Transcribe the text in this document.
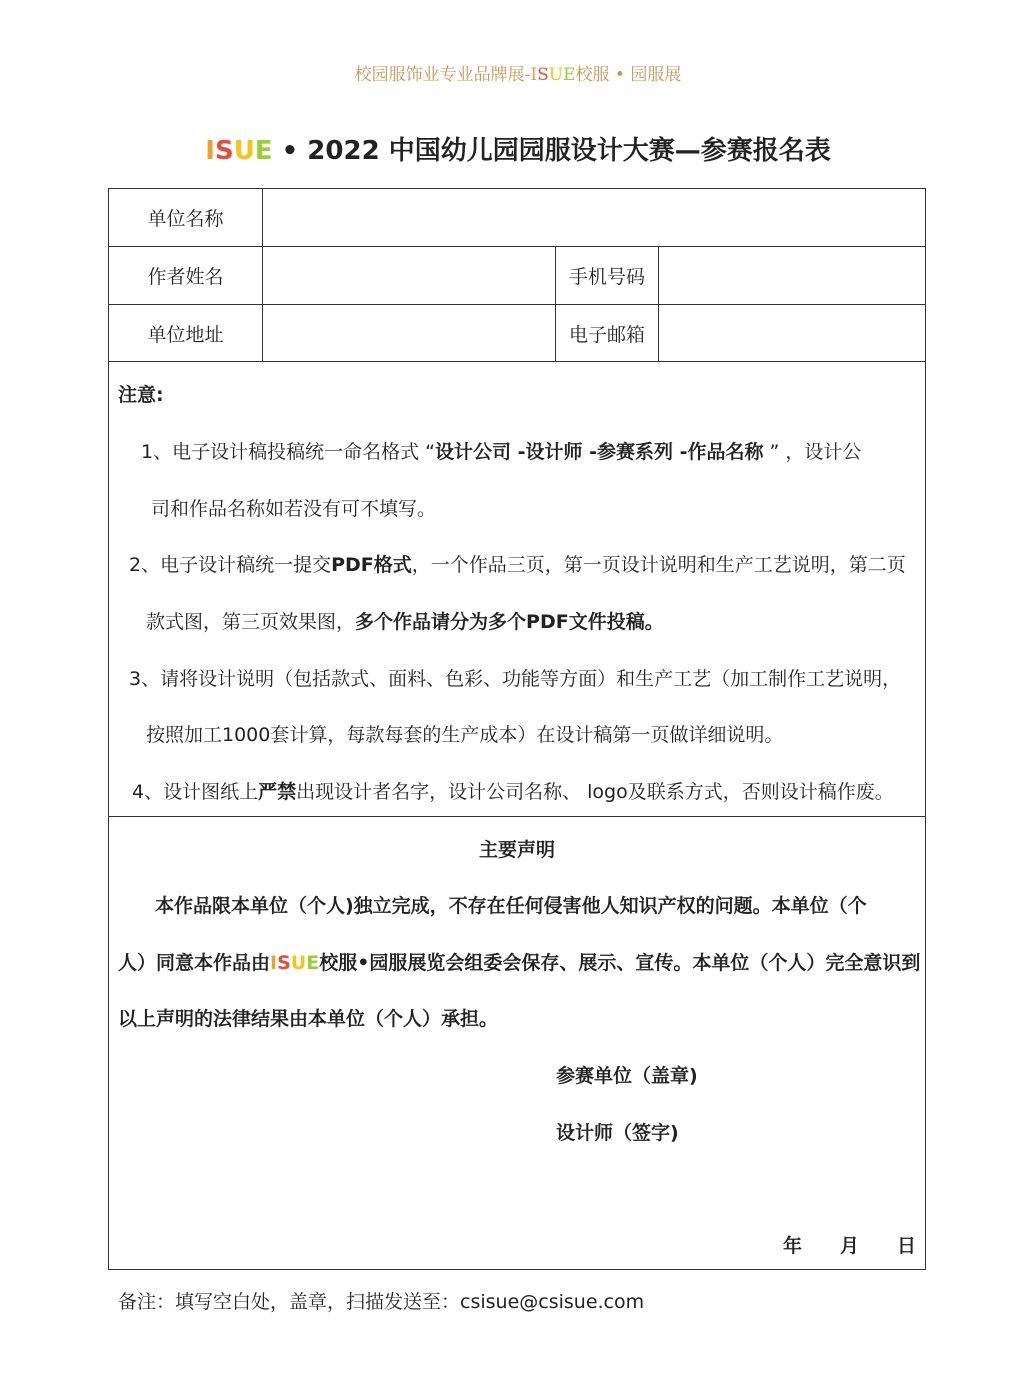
校园服饰业专业品牌展-ISUE校服 • 园服展
ISUE • 2022 中国幼儿园园服设计大赛—参赛报名表
单位名称
作者姓名	手机号码
单位地址	电子邮箱
注意:
1、电子设计稿投稿统一命名格式 “设计公司 -设计师 -参赛系列 -作品名称 ” ，设计公
司和作品名称如若没有可不填写。
2、电子设计稿统一提交PDF格式，一个作品三页，第一页设计说明和生产工艺说明，第二页
款式图，第三页效果图，多个作品请分为多个PDF文件投稿。
3、请将设计说明（包括款式、面料、色彩、功能等方面）和生产工艺（加工制作工艺说明，
按照加工1000套计算，每款每套的生产成本）在设计稿第一页做详细说明。
4、设计图纸上严禁出现设计者名字，设计公司名称、 logo及联系方式，否则设计稿作废。
主要声明
本作品限本单位（个人)独立完成，不存在任何侵害他人知识产权的问题。本单位（个
人）同意本作品由ISUE校服•园服展览会组委会保存、展示、宣传。本单位（个人）完全意识到
以上声明的法律结果由本单位（个人）承担。
参赛单位（盖章)
设计师（签字)
年 月 日
备注：填写空白处，盖章，扫描发送至：csisue@csisue.com
